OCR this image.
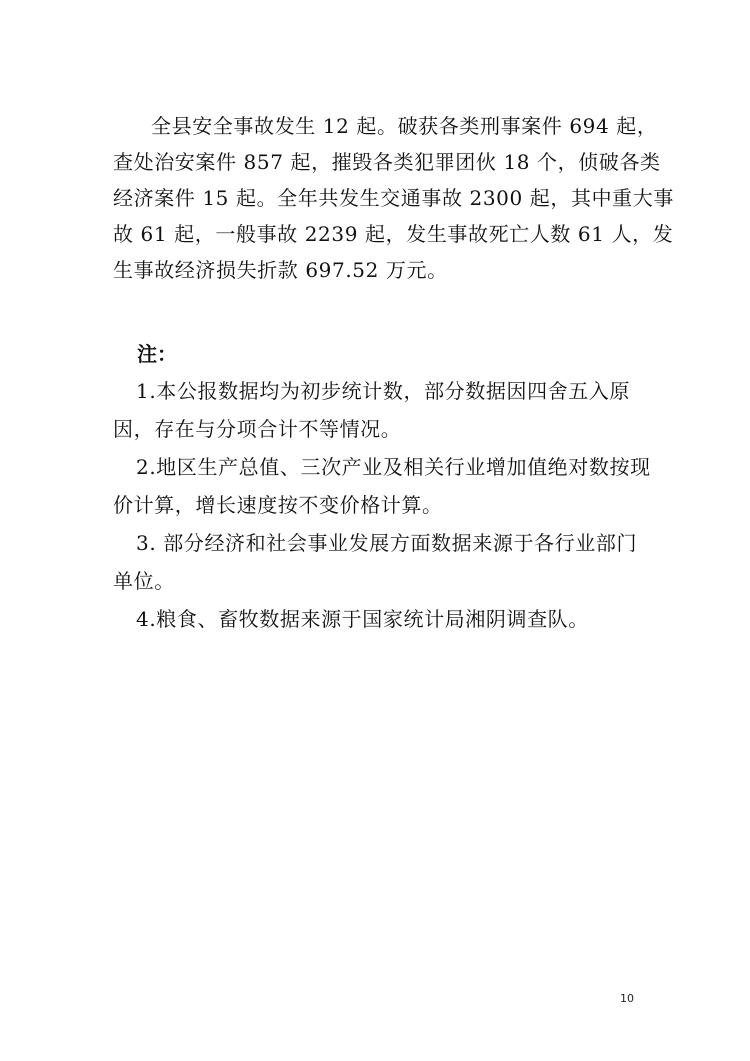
全县安全事故发生 12 起。破获各类刑事案件 694 起，
查处治安案件 857 起，摧毁各类犯罪团伙 18 个，侦破各类
经济案件 15 起。全年共发生交通事故 2300 起，其中重大事
故 61 起，一般事故 2239 起，发生事故死亡人数 61 人，发
生事故经济损失折款 697.52 万元。

注：
1.本公报数据均为初步统计数，部分数据因四舍五入原
因，存在与分项合计不等情况。
2.地区生产总值、三次产业及相关行业增加值绝对数按现
价计算，增长速度按不变价格计算。
3. 部分经济和社会事业发展方面数据来源于各行业部门
单位。
4.粮食、畜牧数据来源于国家统计局湘阴调查队。
10
